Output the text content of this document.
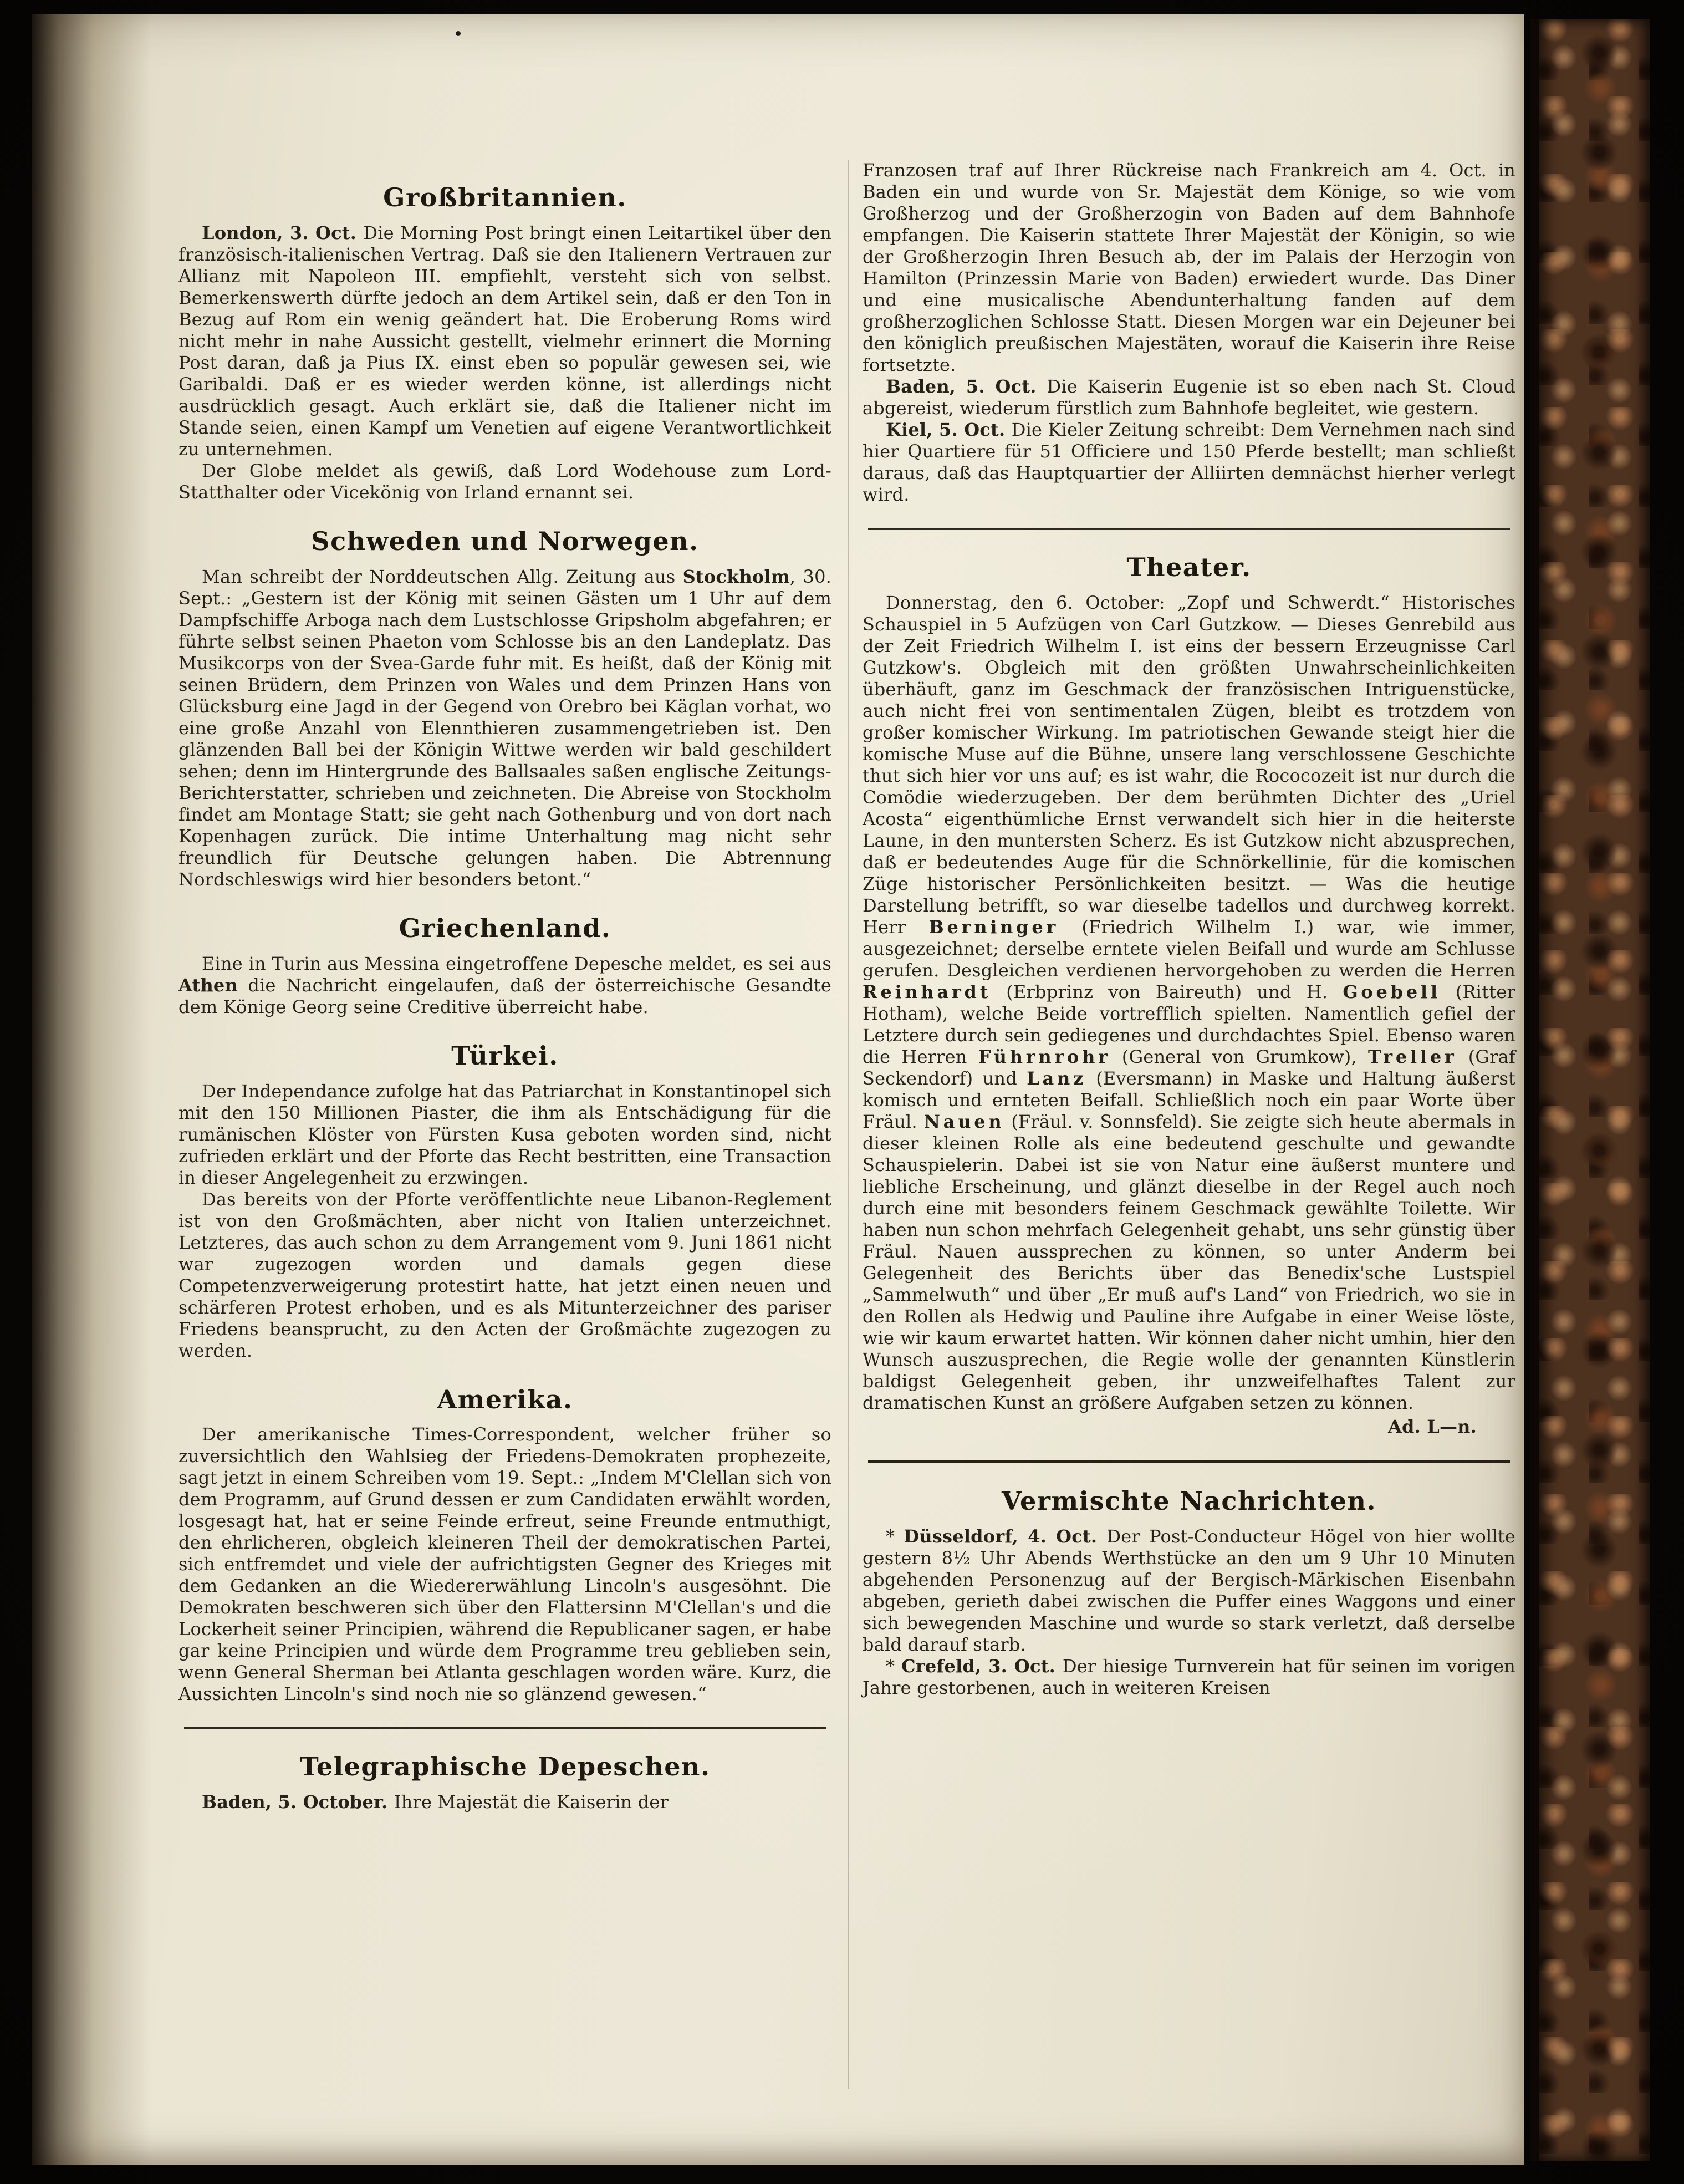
Großbritannien.

London, 3. Oct. Die Morning Post bringt einen Leitartikel über den französisch-italienischen Vertrag. Daß sie den Italienern Vertrauen zur Allianz mit Napoleon III. empfiehlt, versteht sich von selbst. Bemerkenswerth dürfte jedoch an dem Artikel sein, daß er den Ton in Bezug auf Rom ein wenig geändert hat. Die Eroberung Roms wird nicht mehr in nahe Aussicht gestellt, vielmehr erinnert die Morning Post daran, daß ja Pius IX. einst eben so populär gewesen sei, wie Garibaldi. Daß er es wieder werden könne, ist allerdings nicht ausdrücklich gesagt. Auch erklärt sie, daß die Italiener nicht im Stande seien, einen Kampf um Venetien auf eigene Verantwortlichkeit zu unternehmen.

Der Globe meldet als gewiß, daß Lord Wodehouse zum Lord-Statthalter oder Vicekönig von Irland ernannt sei.

Schweden und Norwegen.

Man schreibt der Norddeutschen Allg. Zeitung aus Stockholm, 30. Sept.: „Gestern ist der König mit seinen Gästen um 1 Uhr auf dem Dampfschiffe Arboga nach dem Lustschlosse Gripsholm abgefahren; er führte selbst seinen Phaeton vom Schlosse bis an den Landeplatz. Das Musikcorps von der Svea-Garde fuhr mit. Es heißt, daß der König mit seinen Brüdern, dem Prinzen von Wales und dem Prinzen Hans von Glücksburg eine Jagd in der Gegend von Orebro bei Käglan vorhat, wo eine große Anzahl von Elennthieren zusammengetrieben ist. Den glänzenden Ball bei der Königin Wittwe werden wir bald geschildert sehen; denn im Hintergrunde des Ballsaales saßen englische Zeitungs-Berichterstatter, schrieben und zeichneten. Die Abreise von Stockholm findet am Montage Statt; sie geht nach Gothenburg und von dort nach Kopenhagen zurück. Die intime Unterhaltung mag nicht sehr freundlich für Deutsche gelungen haben. Die Abtrennung Nordschleswigs wird hier besonders betont.“

Griechenland.

Eine in Turin aus Messina eingetroffene Depesche meldet, es sei aus Athen die Nachricht eingelaufen, daß der österreichische Gesandte dem Könige Georg seine Creditive überreicht habe.

Türkei.

Der Independance zufolge hat das Patriarchat in Konstantinopel sich mit den 150 Millionen Piaster, die ihm als Entschädigung für die rumänischen Klöster von Fürsten Kusa geboten worden sind, nicht zufrieden erklärt und der Pforte das Recht bestritten, eine Transaction in dieser Angelegenheit zu erzwingen.

Das bereits von der Pforte veröffentlichte neue Libanon-Reglement ist von den Großmächten, aber nicht von Italien unterzeichnet. Letzteres, das auch schon zu dem Arrangement vom 9. Juni 1861 nicht war zugezogen worden und damals gegen diese Competenzverweigerung protestirt hatte, hat jetzt einen neuen und schärferen Protest erhoben, und es als Mitunterzeichner des pariser Friedens beansprucht, zu den Acten der Großmächte zugezogen zu werden.

Amerika.

Der amerikanische Times-Correspondent, welcher früher so zuversichtlich den Wahlsieg der Friedens-Demokraten prophezeite, sagt jetzt in einem Schreiben vom 19. Sept.: „Indem M'Clellan sich von dem Programm, auf Grund dessen er zum Candidaten erwählt worden, losgesagt hat, hat er seine Feinde erfreut, seine Freunde entmuthigt, den ehrlicheren, obgleich kleineren Theil der demokratischen Partei, sich entfremdet und viele der aufrichtigsten Gegner des Krieges mit dem Gedanken an die Wiedererwählung Lincoln's ausgesöhnt. Die Demokraten beschweren sich über den Flattersinn M'Clellan's und die Lockerheit seiner Principien, während die Republicaner sagen, er habe gar keine Principien und würde dem Programme treu geblieben sein, wenn General Sherman bei Atlanta geschlagen worden wäre. Kurz, die Aussichten Lincoln's sind noch nie so glänzend gewesen.“

Telegraphische Depeschen.

Baden, 5. October. Ihre Majestät die Kaiserin der

Franzosen traf auf Ihrer Rückreise nach Frankreich am 4. Oct. in Baden ein und wurde von Sr. Majestät dem Könige, so wie vom Großherzog und der Großherzogin von Baden auf dem Bahnhofe empfangen. Die Kaiserin stattete Ihrer Majestät der Königin, so wie der Großherzogin Ihren Besuch ab, der im Palais der Herzogin von Hamilton (Prinzessin Marie von Baden) erwiedert wurde. Das Diner und eine musicalische Abendunterhaltung fanden auf dem großherzoglichen Schlosse Statt. Diesen Morgen war ein Dejeuner bei den königlich preußischen Majestäten, worauf die Kaiserin ihre Reise fortsetzte.

Baden, 5. Oct. Die Kaiserin Eugenie ist so eben nach St. Cloud abgereist, wiederum fürstlich zum Bahnhofe begleitet, wie gestern.

Kiel, 5. Oct. Die Kieler Zeitung schreibt: Dem Vernehmen nach sind hier Quartiere für 51 Officiere und 150 Pferde bestellt; man schließt daraus, daß das Hauptquartier der Alliirten demnächst hierher verlegt wird.

Theater.

Donnerstag, den 6. October: „Zopf und Schwerdt.“ Historisches Schauspiel in 5 Aufzügen von Carl Gutzkow. — Dieses Genrebild aus der Zeit Friedrich Wilhelm I. ist eins der bessern Erzeugnisse Carl Gutzkow's. Obgleich mit den größten Unwahrscheinlichkeiten überhäuft, ganz im Geschmack der französischen Intriguenstücke, auch nicht frei von sentimentalen Zügen, bleibt es trotzdem von großer komischer Wirkung. Im patriotischen Gewande steigt hier die komische Muse auf die Bühne, unsere lang verschlossene Geschichte thut sich hier vor uns auf; es ist wahr, die Rococozeit ist nur durch die Comödie wiederzugeben. Der dem berühmten Dichter des „Uriel Acosta“ eigenthümliche Ernst verwandelt sich hier in die heiterste Laune, in den muntersten Scherz. Es ist Gutzkow nicht abzusprechen, daß er bedeutendes Auge für die Schnörkellinie, für die komischen Züge historischer Persönlichkeiten besitzt. — Was die heutige Darstellung betrifft, so war dieselbe tadellos und durchweg korrekt. Herr Berninger (Friedrich Wilhelm I.) war, wie immer, ausgezeichnet; derselbe erntete vielen Beifall und wurde am Schlusse gerufen. Desgleichen verdienen hervorgehoben zu werden die Herren Reinhardt (Erbprinz von Baireuth) und H. Goebell (Ritter Hotham), welche Beide vortrefflich spielten. Namentlich gefiel der Letztere durch sein gediegenes und durchdachtes Spiel. Ebenso waren die Herren Führnrohr (General von Grumkow), Treller (Graf Seckendorf) und Lanz (Eversmann) in Maske und Haltung äußerst komisch und ernteten Beifall. Schließlich noch ein paar Worte über Fräul. Nauen (Fräul. v. Sonnsfeld). Sie zeigte sich heute abermals in dieser kleinen Rolle als eine bedeutend geschulte und gewandte Schauspielerin. Dabei ist sie von Natur eine äußerst muntere und liebliche Erscheinung, und glänzt dieselbe in der Regel auch noch durch eine mit besonders feinem Geschmack gewählte Toilette. Wir haben nun schon mehrfach Gelegenheit gehabt, uns sehr günstig über Fräul. Nauen aussprechen zu können, so unter Anderm bei Gelegenheit des Berichts über das Benedix'sche Lustspiel „Sammelwuth“ und über „Er muß auf's Land“ von Friedrich, wo sie in den Rollen als Hedwig und Pauline ihre Aufgabe in einer Weise löste, wie wir kaum erwartet hatten. Wir können daher nicht umhin, hier den Wunsch auszusprechen, die Regie wolle der genannten Künstlerin baldigst Gelegenheit geben, ihr unzweifelhaftes Talent zur dramatischen Kunst an größere Aufgaben setzen zu können.

Ad. L—n.

Vermischte Nachrichten.

* Düsseldorf, 4. Oct. Der Post-Conducteur Högel von hier wollte gestern 8½ Uhr Abends Werthstücke an den um 9 Uhr 10 Minuten abgehenden Personenzug auf der Bergisch-Märkischen Eisenbahn abgeben, gerieth dabei zwischen die Puffer eines Waggons und einer sich bewegenden Maschine und wurde so stark verletzt, daß derselbe bald darauf starb.

* Crefeld, 3. Oct. Der hiesige Turnverein hat für seinen im vorigen Jahre gestorbenen, auch in weiteren Kreisen
